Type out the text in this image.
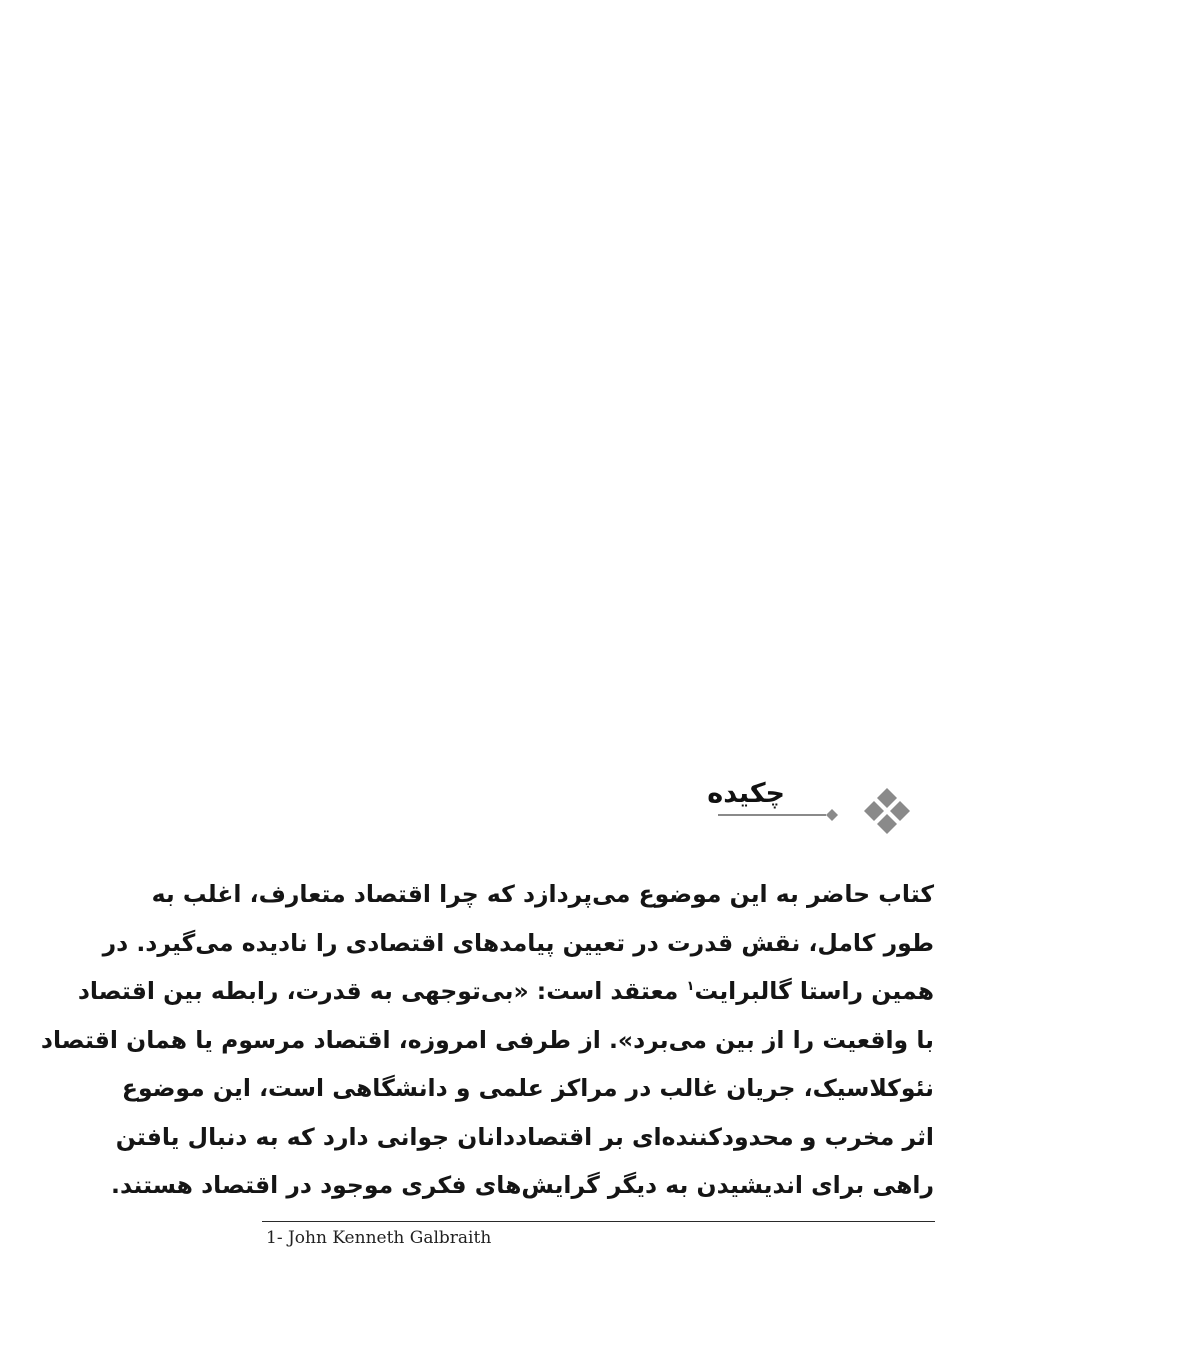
چکیده
کتاب حاضر به این موضوع می‌پردازد که چرا اقتصاد متعارف، اغلب به
طور کامل، نقش قدرت در تعیین پیامدهای اقتصادی را نادیده می‌گیرد. در
همین راستا گالبرایت$^۱$ معتقد است: «بی‌توجهی به قدرت، رابطه بین اقتصاد
با واقعیت را از بین می‌برد». از طرفی امروزه، اقتصاد مرسوم یا همان اقتصاد
نئوکلاسیک، جریان غالب در مراکز علمی و دانشگاهی است، این موضوع
اثر مخرب و محدودکننده‌ای بر اقتصاددانان جوانی دارد که به دنبال یافتن
راهی برای اندیشیدن به دیگر گرایش‌های فکری موجود در اقتصاد هستند.
1- John Kenneth Galbraith
